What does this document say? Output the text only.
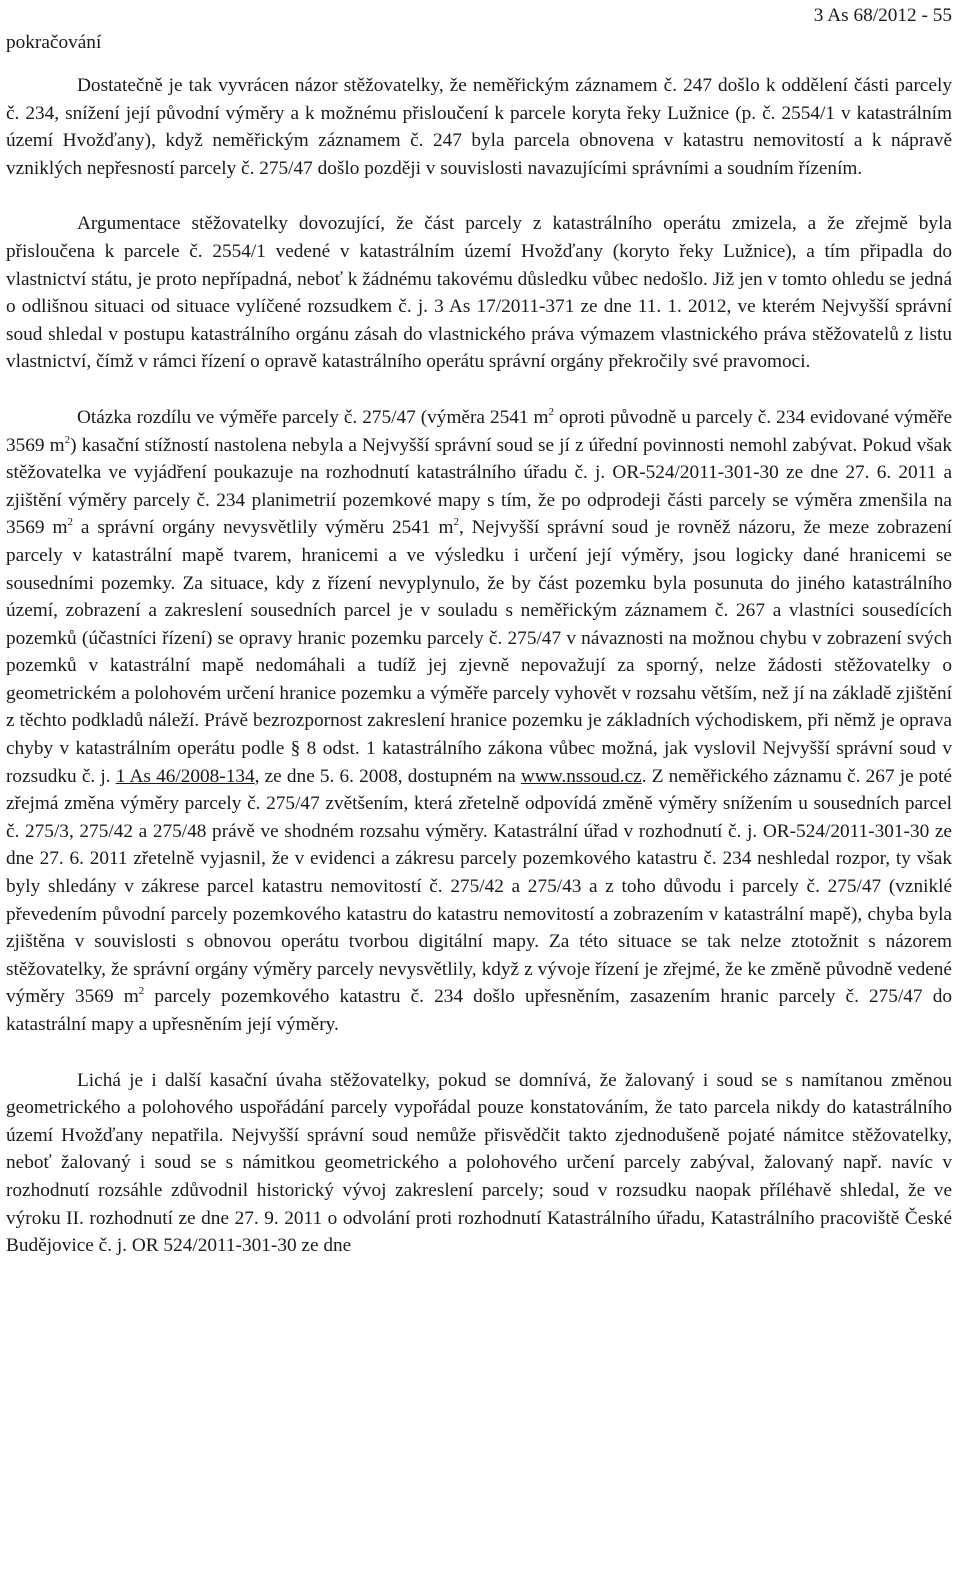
pokračování
3 As 68/2012 - 55

Dostatečně je tak vyvrácen názor stěžovatelky, že neměřickým záznamem č. 247 došlo k oddělení části parcely č. 234, snížení její původní výměry a k možnému přisloučení k parcele koryta řeky Lužnice (p. č. 2554/1 v katastrálním území Hvožďany), když neměřickým záznamem č. 247 byla parcela obnovena v katastru nemovitostí a k nápravě vzniklých nepřesností parcely č. 275/47 došlo později v souvislosti navazujícími správními a soudním řízením.

Argumentace stěžovatelky dovozující, že část parcely z katastrálního operátu zmizela, a že zřejmě byla přisloučena k parcele č. 2554/1 vedené v katastrálním území Hvožďany (koryto řeky Lužnice), a tím připadla do vlastnictví státu, je proto nepřípadná, neboť k žádnému takovému důsledku vůbec nedošlo. Již jen v tomto ohledu se jedná o odlišnou situaci od situace vylíčené rozsudkem č. j. 3 As 17/2011-371 ze dne 11. 1. 2012, ve kterém Nejvyšší správní soud shledal v postupu katastrálního orgánu zásah do vlastnického práva výmazem vlastnického práva stěžovatelů z listu vlastnictví, čímž v rámci řízení o opravě katastrálního operátu správní orgány překročily své pravomoci.

Otázka rozdílu ve výměře parcely č. 275/47 (výměra 2541 $m^2$ oproti původně u parcely č. 234 evidované výměře 3569 $m^2$) kasační stížností nastolena nebyla a Nejvyšší správní soud se jí z úřední povinnosti nemohl zabývat. Pokud však stěžovatelka ve vyjádření poukazuje na rozhodnutí katastrálního úřadu č. j. OR-524/2011-301-30 ze dne 27. 6. 2011 a zjištění výměry parcely č. 234 planimetrií pozemkové mapy s tím, že po odprodeji části parcely se výměra zmenšila na 3569 $m^2$ a správní orgány nevysvětlily výměru 2541 $m^2$, Nejvyšší správní soud je rovněž názoru, že meze zobrazení parcely v katastrální mapě tvarem, hranicemi a ve výsledku i určení její výměry, jsou logicky dané hranicemi se sousedními pozemky. Za situace, kdy z řízení nevyplynulo, že by část pozemku byla posunuta do jiného katastrálního území, zobrazení a zakreslení sousedních parcel je v souladu s neměřickým záznamem č. 267 a vlastníci sousedících pozemků (účastníci řízení) se opravy hranic pozemku parcely č. 275/47 v návaznosti na možnou chybu v zobrazení svých pozemků v katastrální mapě nedomáhali a tudíž jej zjevně nepovažují za sporný, nelze žádosti stěžovatelky o geometrickém a polohovém určení hranice pozemku a výměře parcely vyhovět v rozsahu větším, než jí na základě zjištění z těchto podkladů náleží. Právě bezrozpornost zakreslení hranice pozemku je základních východiskem, při němž je oprava chyby v katastrálním operátu podle § 8 odst. 1 katastrálního zákona vůbec možná, jak vyslovil Nejvyšší správní soud v rozsudku č. j. 1 As 46/2008-134, ze dne 5. 6. 2008, dostupném na www.nssoud.cz. Z neměřického záznamu č. 267 je poté zřejmá změna výměry parcely č. 275/47 zvětšením, která zřetelně odpovídá změně výměry snížením u sousedních parcel č. 275/3, 275/42 a 275/48 právě ve shodném rozsahu výměry. Katastrální úřad v rozhodnutí č. j. OR-524/2011-301-30 ze dne 27. 6. 2011 zřetelně vyjasnil, že v evidenci a zákresu parcely pozemkového katastru č. 234 neshledal rozpor, ty však byly shledány v zákrese parcel katastru nemovitostí č. 275/42 a 275/43 a z toho důvodu i parcely č. 275/47 (vzniklé převedením původní parcely pozemkového katastru do katastru nemovitostí a zobrazením v katastrální mapě), chyba byla zjištěna v souvislosti s obnovou operátu tvorbou digitální mapy. Za této situace se tak nelze ztotožnit s názorem stěžovatelky, že správní orgány výměry parcely nevysvětlily, když z vývoje řízení je zřejmé, že ke změně původně vedené výměry 3569 $m^2$ parcely pozemkového katastru č. 234 došlo upřesněním, zasazením hranic parcely č. 275/47 do katastrální mapy a upřesněním její výměry.

Lichá je i další kasační úvaha stěžovatelky, pokud se domnívá, že žalovaný i soud se s namítanou změnou geometrického a polohového uspořádání parcely vypořádal pouze konstatováním, že tato parcela nikdy do katastrálního území Hvožďany nepatřila. Nejvyšší správní soud nemůže přisvědčit takto zjednodušeně pojaté námitce stěžovatelky, neboť žalovaný i soud se s námitkou geometrického a polohového určení parcely zabýval, žalovaný např. navíc v rozhodnutí rozsáhle zdůvodnil historický vývoj zakreslení parcely; soud v rozsudku naopak příléhavě shledal, že ve výroku II. rozhodnutí ze dne 27. 9. 2011 o odvolání proti rozhodnutí Katastrálního úřadu, Katastrálního pracoviště České Budějovice č. j. OR 524/2011-301-30 ze dne
